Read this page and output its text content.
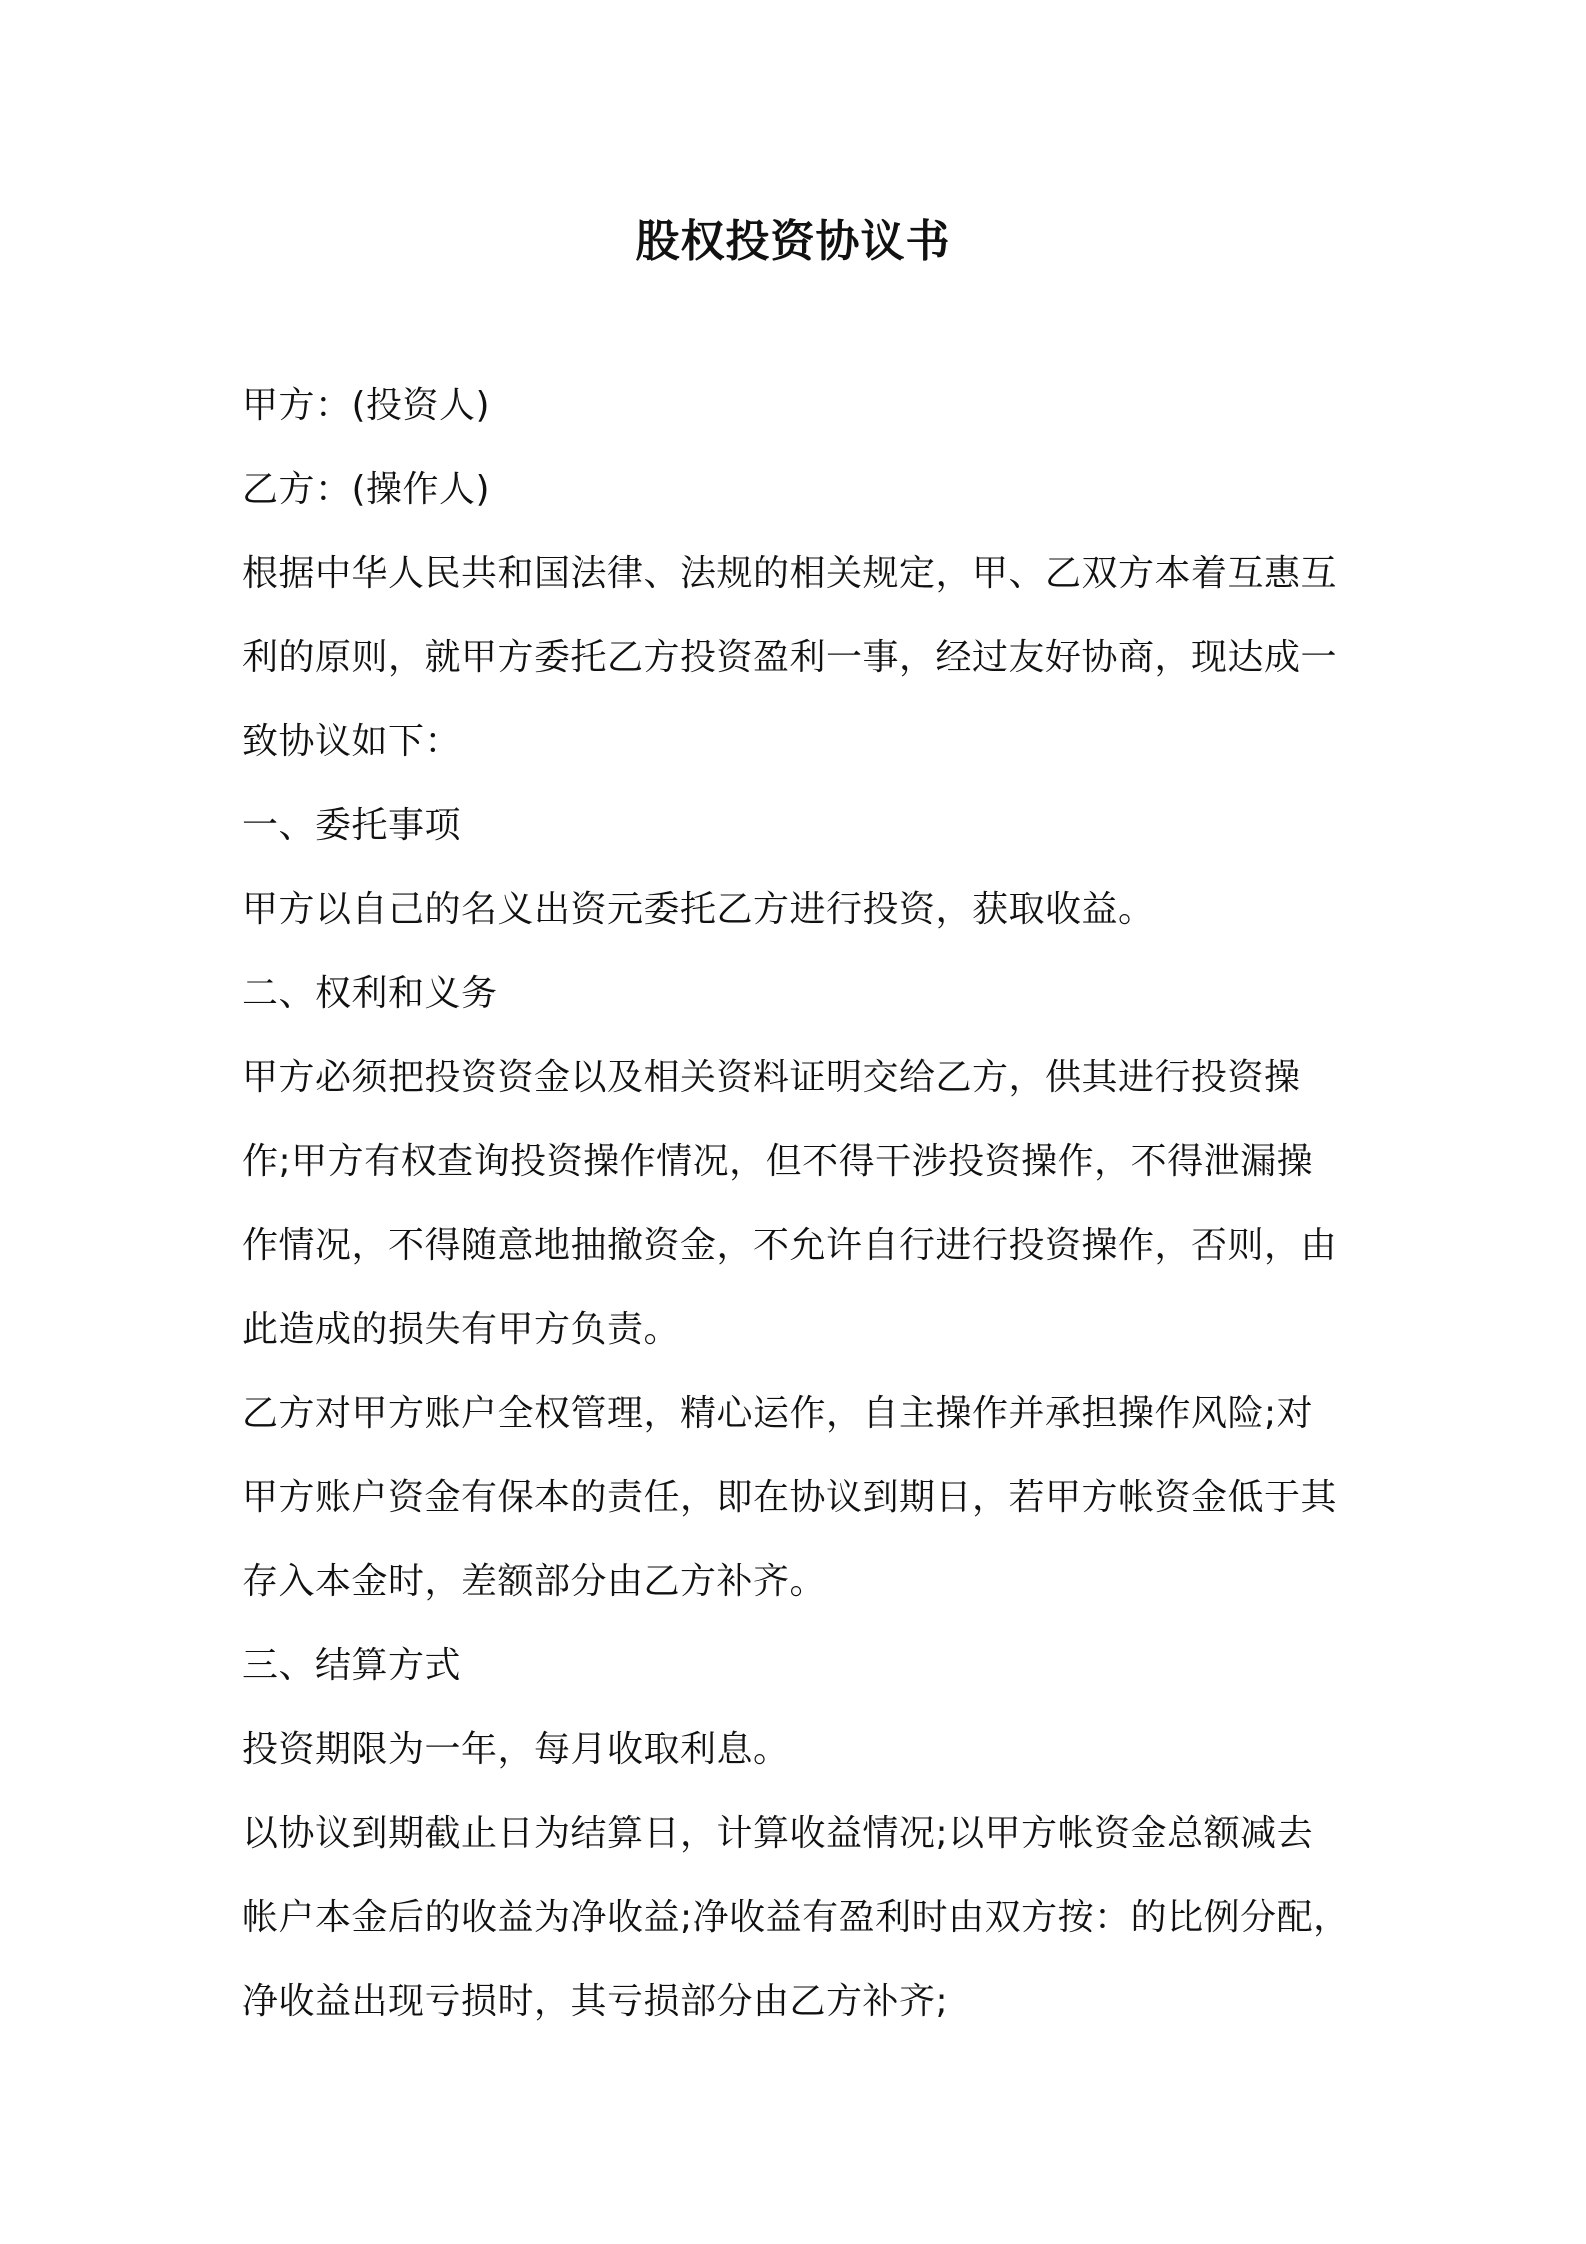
股权投资协议书
甲方：(投资人)
乙方：(操作人)
根据中华人民共和国法律、法规的相关规定，甲、乙双方本着互惠互
利的原则，就甲方委托乙方投资盈利一事，经过友好协商，现达成一
致协议如下：
一、委托事项
甲方以自己的名义出资元委托乙方进行投资，获取收益。
二、权利和义务
甲方必须把投资资金以及相关资料证明交给乙方，供其进行投资操
作;甲方有权查询投资操作情况，但不得干涉投资操作，不得泄漏操
作情况，不得随意地抽撤资金，不允许自行进行投资操作，否则，由
此造成的损失有甲方负责。
乙方对甲方账户全权管理，精心运作，自主操作并承担操作风险;对
甲方账户资金有保本的责任，即在协议到期日，若甲方帐资金低于其
存入本金时，差额部分由乙方补齐。
三、结算方式
投资期限为一年，每月收取利息。
以协议到期截止日为结算日，计算收益情况;以甲方帐资金总额减去
帐户本金后的收益为净收益;净收益有盈利时由双方按：的比例分配，
净收益出现亏损时，其亏损部分由乙方补齐;
